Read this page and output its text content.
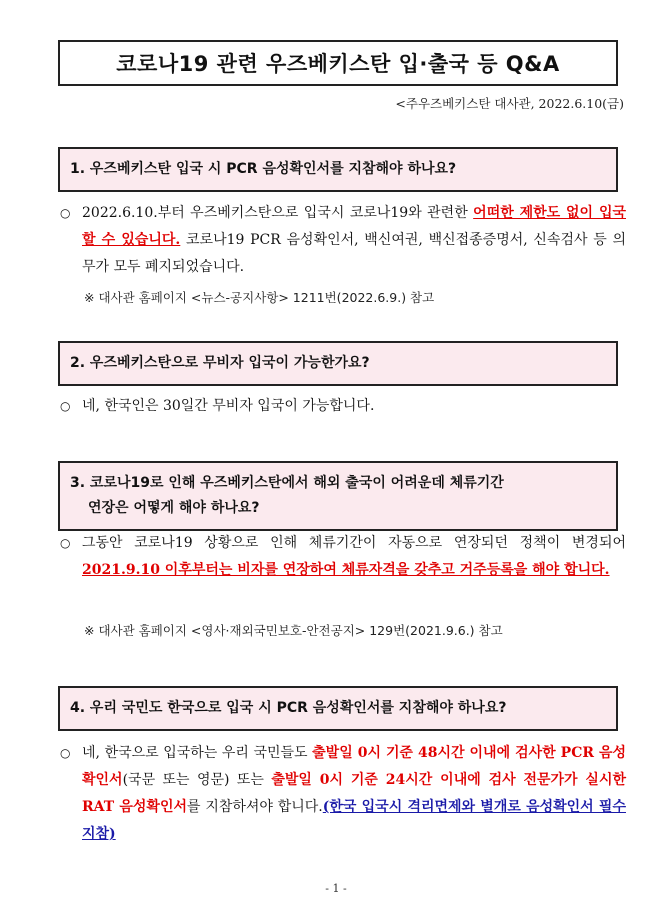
코로나19 관련 우즈베키스탄 입·출국 등 Q&A
<주우즈베키스탄 대사관, 2022.6.10(금)
1. 우즈베키스탄 입국 시 PCR 음성확인서를 지참해야 하나요?
○ 2022.6.10.부터 우즈베키스탄으로 입국시 코로나19와 관련한 어떠한 제한도 없이 입국할 수 있습니다. 코로나19 PCR 음성확인서, 백신여권, 백신접종증명서, 신속검사 등 의무가 모두 폐지되었습니다.
※ 대사관 홈페이지 <뉴스-공지사항> 1211번(2022.6.9.) 참고
2. 우즈베키스탄으로 무비자 입국이 가능한가요?
○ 네, 한국인은 30일간 무비자 입국이 가능합니다.
3. 코로나19로 인해 우즈베키스탄에서 해외 출국이 어려운데 체류기간
연장은 어떻게 해야 하나요?
○ 그동안 코로나19 상황으로 인해 체류기간이 자동으로 연장되던 정책이 변경되어 2021.9.10 이후부터는 비자를 연장하여 체류자격을 갖추고 거주등록을 해야 합니다.
※ 대사관 홈페이지 <영사·재외국민보호-안전공지> 129번(2021.9.6.) 참고
4. 우리 국민도 한국으로 입국 시 PCR 음성확인서를 지참해야 하나요?
○ 네, 한국으로 입국하는 우리 국민들도 출발일 0시 기준 48시간 이내에 검사한 PCR 음성확인서(국문 또는 영문) 또는 출발일 0시 기준 24시간 이내에 검사 전문가가 실시한 RAT 음성확인서를 지참하셔야 합니다.(한국 입국시 격리면제와 별개로 음성확인서 필수 지참)
- 1 -
